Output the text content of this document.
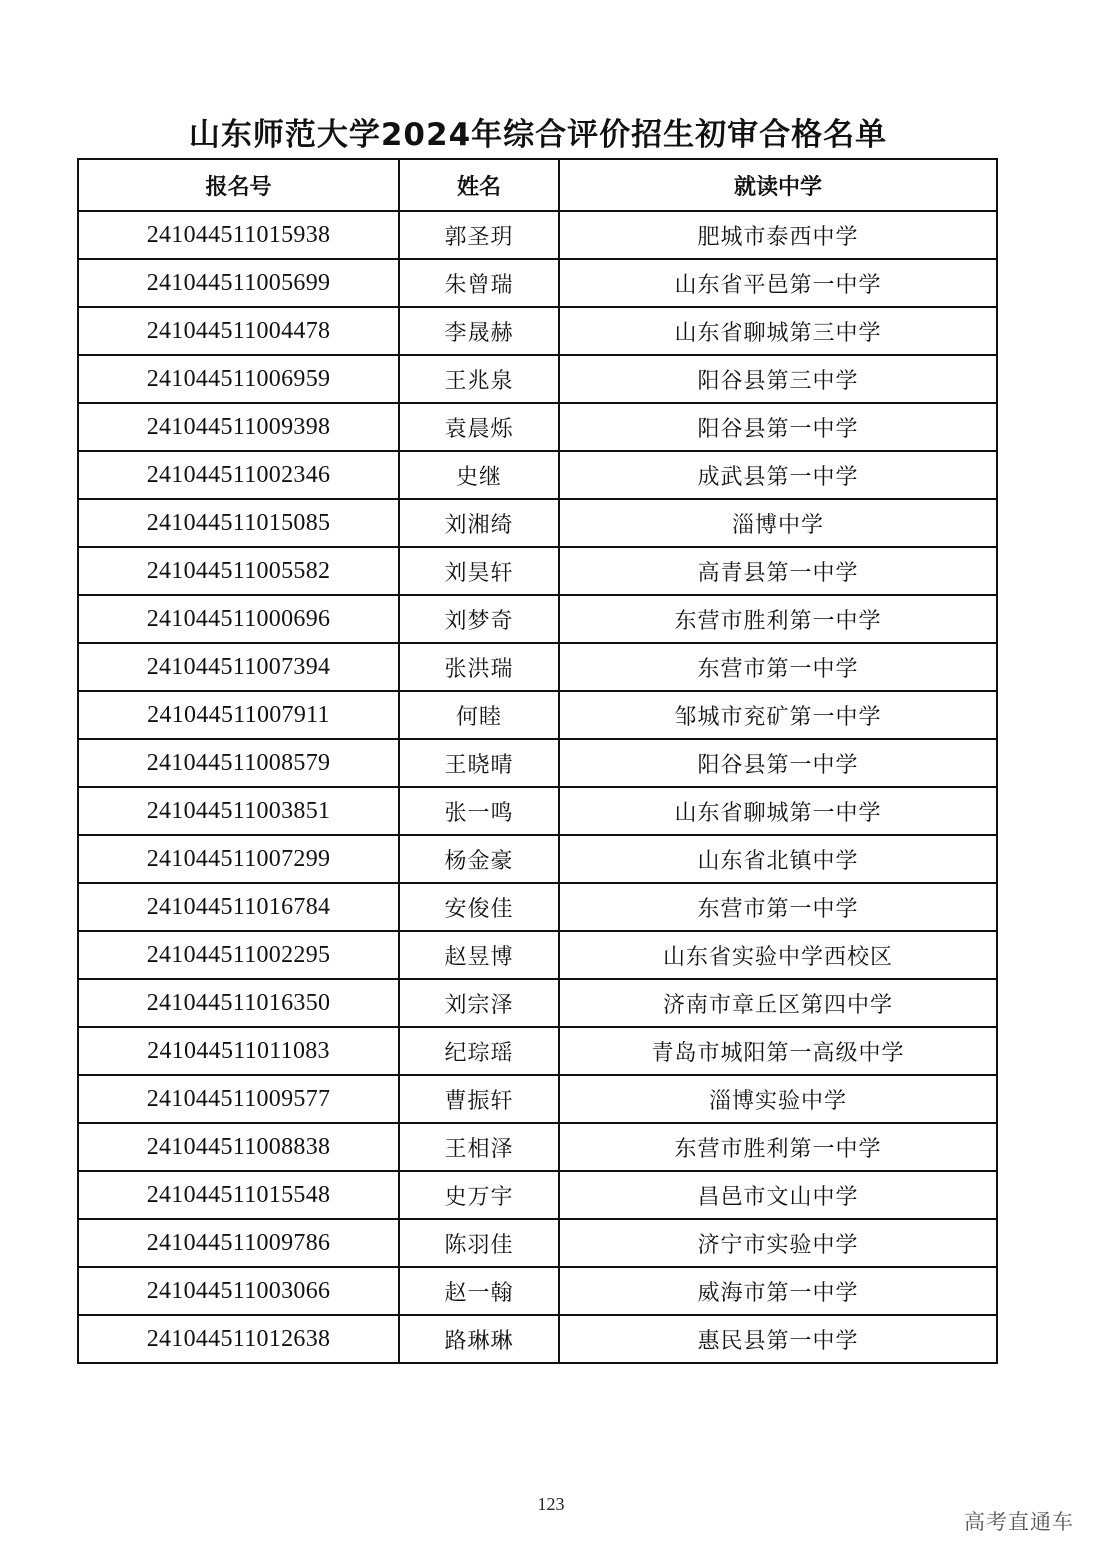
山东师范大学2024年综合评价招生初审合格名单
报名号	姓名	就读中学
241044511015938	郭圣玥	肥城市泰西中学
241044511005699	朱曾瑞	山东省平邑第一中学
241044511004478	李晟赫	山东省聊城第三中学
241044511006959	王兆泉	阳谷县第三中学
241044511009398	袁晨烁	阳谷县第一中学
241044511002346	史继	成武县第一中学
241044511015085	刘湘绮	淄博中学
241044511005582	刘昊轩	高青县第一中学
241044511000696	刘梦奇	东营市胜利第一中学
241044511007394	张洪瑞	东营市第一中学
241044511007911	何睦	邹城市兖矿第一中学
241044511008579	王晓晴	阳谷县第一中学
241044511003851	张一鸣	山东省聊城第一中学
241044511007299	杨金豪	山东省北镇中学
241044511016784	安俊佳	东营市第一中学
241044511002295	赵昱博	山东省实验中学西校区
241044511016350	刘宗泽	济南市章丘区第四中学
241044511011083	纪琮瑶	青岛市城阳第一高级中学
241044511009577	曹振轩	淄博实验中学
241044511008838	王相泽	东营市胜利第一中学
241044511015548	史万宇	昌邑市文山中学
241044511009786	陈羽佳	济宁市实验中学
241044511003066	赵一翰	威海市第一中学
241044511012638	路琳琳	惠民县第一中学
123
高考直通车
